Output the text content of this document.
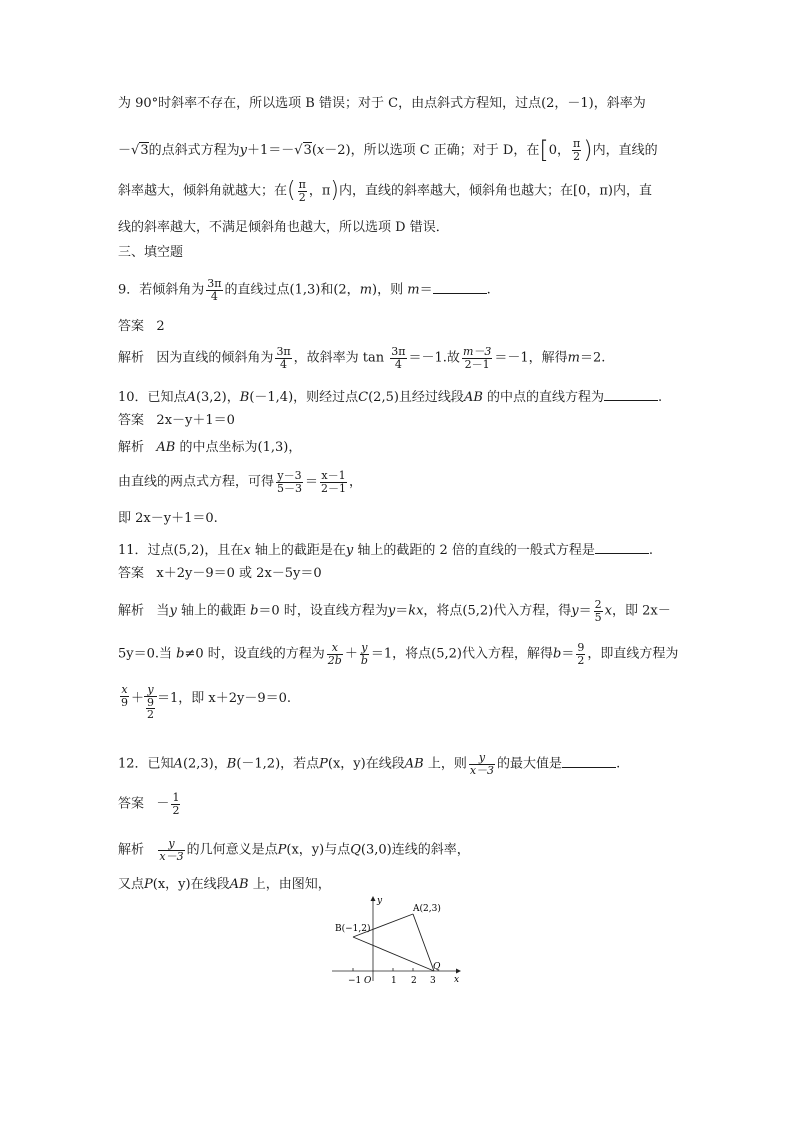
为 90°时斜率不存在，所以选项 B 错误；对于 C，由点斜式方程知，过点(2，－1)，斜率为
－√3的点斜式方程为y＋1＝－√3(x－2)，所以选项 C 正确；对于 D，在[0， $\frac{\pi}{2}$ )内，直线的
斜率越大，倾斜角就越大；在( $\frac{\pi}{2}$ ，π)内，直线的斜率越大，倾斜角也越大；在[0，π)内，直
线的斜率越大，不满足倾斜角也越大，所以选项 D 错误．
三、填空题
9．若倾斜角为 $\frac{3\pi}{4}$ 的直线过点(1,3)和(2，m)，则 m＝	.
答案 2
解析 因为直线的倾斜角为 $\frac{3\pi}{4}$ ，故斜率为 $\tan \frac{3\pi}{4} =-1$.故 $\frac{m-3}{2-1} =-1$，解得m＝2.
10．已知点A(3,2)，B(－1,4)，则经过点C(2,5)且经过线段AB 的中点的直线方程为	.
答案 2x－y＋1＝0
解析 AB 的中点坐标为(1,3)，
由直线的两点式方程，可得 $\frac{y-3}{5-3} = \frac{x-1}{2-1}$ ，
即 2x－y＋1＝0.
11．过点(5,2)，且在x 轴上的截距是在y 轴上的截距的 2 倍的直线的一般式方程是	.
答案 x＋2y－9＝0 或 2x－5y＝0
解析 当y 轴上的截距 b＝0 时，设直线方程为y＝kx，将点(5,2)代入方程，得$y= \frac{2}{5}$ x，即 2x－
5y＝0.当 b≠0 时，设直线的方程为 $\frac{x}{2b} + \frac{y}{b} =1$，将点(5,2)代入方程，解得$b= \frac{9}{2}$ ，即直线方程为
$\frac{x}{9} + \frac{y}{\frac{9}{2}} =1$，即 x＋2y－9＝0.
12．已知A(2,3)，B(－1,2)，若点P(x，y)在线段AB 上，则 $\frac{y}{x-3}$ 的最大值是	.
答案 － $\frac{1}{2}$
解析 $\frac{y}{x-3}$ 的几何意义是点P(x，y)与点Q(3,0)连线的斜率，
又点P(x，y)在线段AB 上，由图知，
A(2,3)
B(−1,2)
Q
O	x
y
−1	1 2 3
